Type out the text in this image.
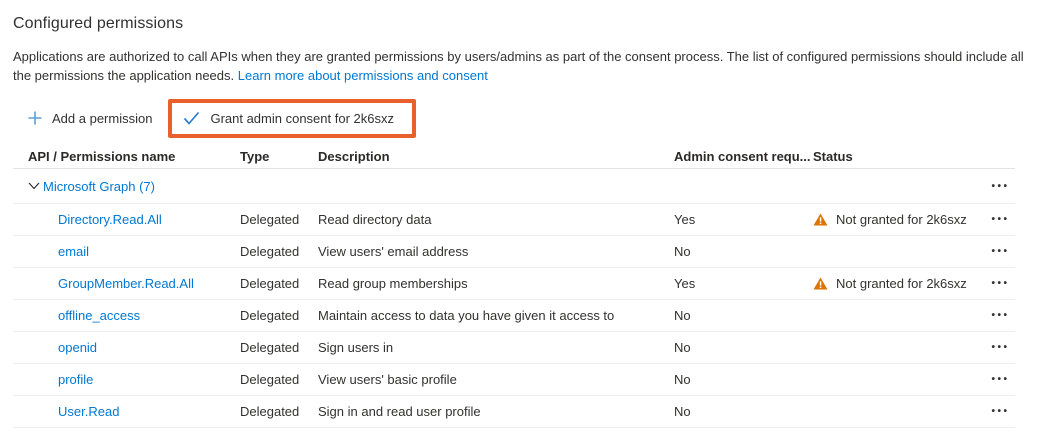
Configured permissions
Applications are authorized to call APIs when they are granted permissions by users/admins as part of the consent process. The list of configured permissions should include all the permissions the application needs. Learn more about permissions and consent
Add a permission	Grant admin consent for 2k6sxz
API / Permissions name	Type	Description	Admin consent requ... Status
Microsoft Graph (7)	•••
Directory.Read.All	Delegated	Read directory data	Yes	Not granted for 2k6sxz	•••
email	Delegated	View users' email address	No	•••
GroupMember.Read.All	Delegated	Read group memberships	Yes	Not granted for 2k6sxz	•••
offline_access	Delegated	Maintain access to data you have given it access to	No	•••
openid	Delegated	Sign users in	No	•••
profile	Delegated	View users' basic profile	No	•••
User.Read	Delegated	Sign in and read user profile	No	•••
